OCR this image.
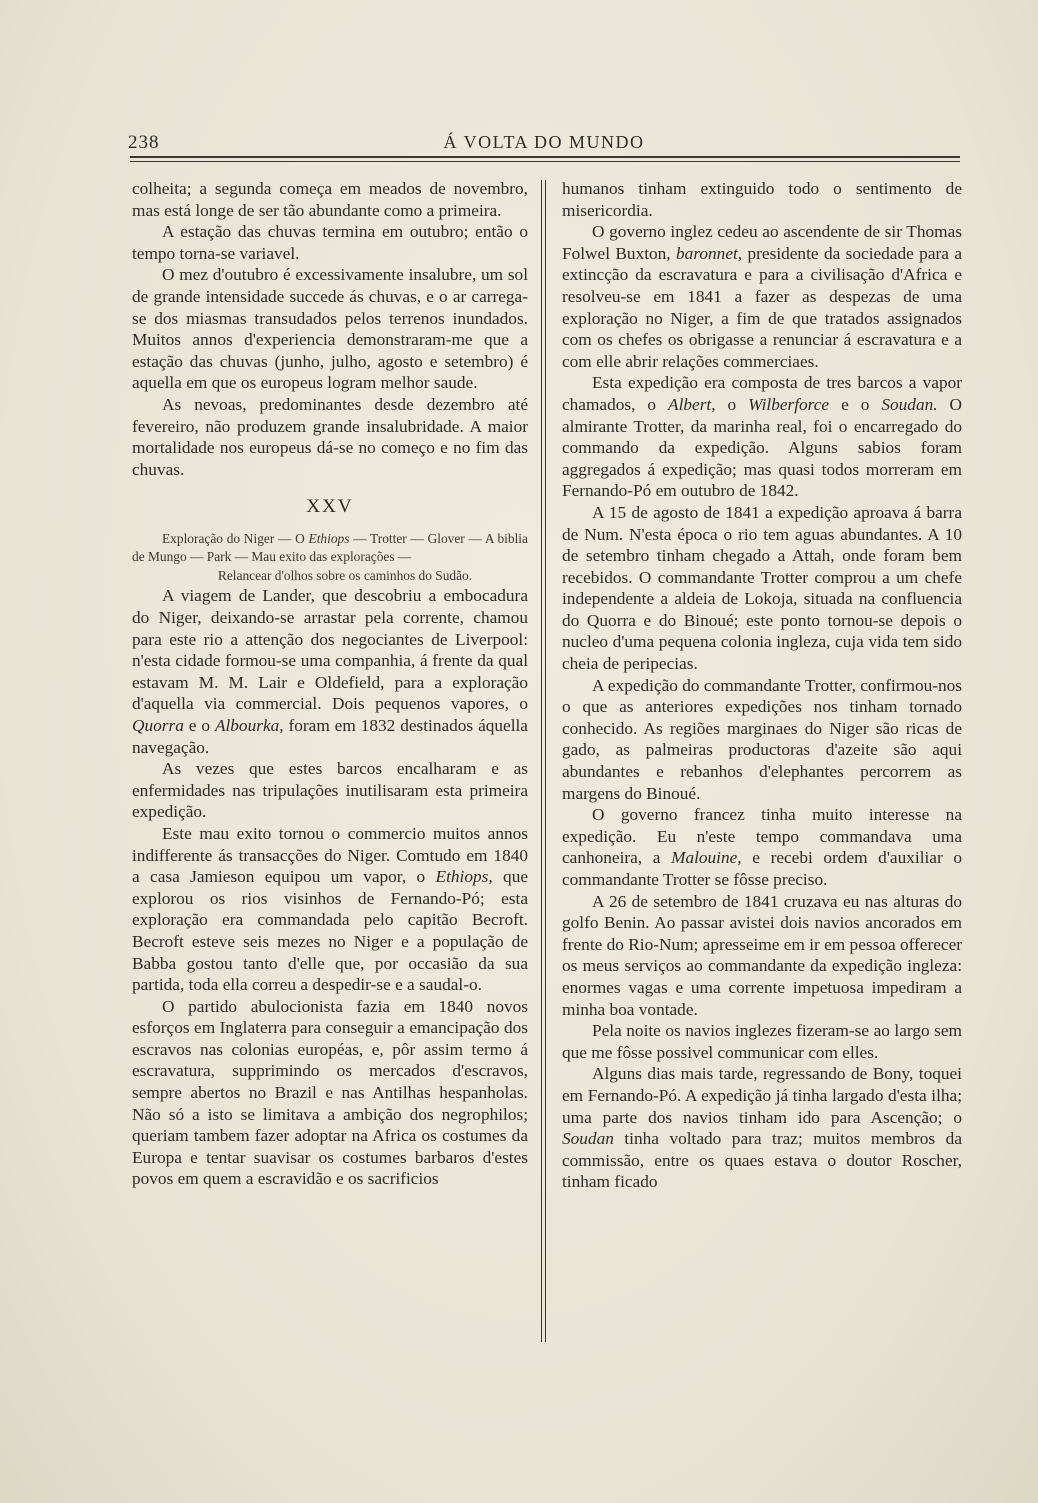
238	Á VOLTA DO MUNDO

colheita; a segunda começa em meados de novembro, mas está longe de ser tão abundante como a primeira.

A estação das chuvas termina em outubro; então o tempo torna-se variavel.

O mez d'outubro é excessivamente insalubre, um sol de grande intensidade succede ás chuvas, e o ar carrega-se dos miasmas transudados pelos terrenos inundados. Muitos annos d'experiencia demonstraram-me que a estação das chuvas (junho, julho, agosto e setembro) é aquella em que os europeus logram melhor saude.

As nevoas, predominantes desde dezembro até fevereiro, não produzem grande insalubridade. A maior mortalidade nos europeus dá-se no começo e no fim das chuvas.

XXV

Exploração do Niger — O Ethiops — Trotter — Glover — A biblia de Mungo — Park — Mau exito das explorações —

Relancear d'olhos sobre os caminhos do Sudão.

A viagem de Lander, que descobriu a embocadura do Niger, deixando-se arrastar pela corrente, chamou para este rio a attenção dos negociantes de Liverpool: n'esta cidade formou-se uma companhia, á frente da qual estavam M. M. Lair e Oldefield, para a exploração d'aquella via commercial. Dois pequenos vapores, o Quorra e o Albourka, foram em 1832 destinados áquella navegação.

As vezes que estes barcos encalharam e as enfermidades nas tripulações inutilisaram esta primeira expedição.

Este mau exito tornou o commercio muitos annos indifferente ás transacções do Niger. Comtudo em 1840 a casa Jamieson equipou um vapor, o Ethiops, que explorou os rios visinhos de Fernando-Pó; esta exploração era commandada pelo capitão Becroft. Becroft esteve seis mezes no Niger e a população de Babba gostou tanto d'elle que, por occasião da sua partida, toda ella correu a despedir-se e a saudal-o.

O partido abulocionista fazia em 1840 novos esforços em Inglaterra para conseguir a emancipação dos escravos nas colonias européas, e, pôr assim termo á escravatura, supprimindo os mercados d'escravos, sempre abertos no Brazil e nas Antilhas hespanholas. Não só a isto se limitava a ambição dos negrophilos; queriam tambem fazer adoptar na Africa os costumes da Europa e tentar suavisar os costumes barbaros d'estes povos em quem a escravidão e os sacrificios

humanos tinham extinguido todo o sentimento de misericordia.

O governo inglez cedeu ao ascendente de sir Thomas Folwel Buxton, baronnet, presidente da sociedade para a extincção da escravatura e para a civilisação d'Africa e resolveu-se em 1841 a fazer as despezas de uma exploração no Niger, a fim de que tratados assignados com os chefes os obrigasse a renunciar á escravatura e a com elle abrir relações commerciaes.

Esta expedição era composta de tres barcos a vapor chamados, o Albert, o Wilberforce e o Soudan. O almirante Trotter, da marinha real, foi o encarregado do commando da expedição. Alguns sabios foram aggregados á expedição; mas quasi todos morreram em Fernando-Pó em outubro de 1842.

A 15 de agosto de 1841 a expedição aproava á barra de Num. N'esta época o rio tem aguas abundantes. A 10 de setembro tinham chegado a Attah, onde foram bem recebidos. O commandante Trotter comprou a um chefe independente a aldeia de Lokoja, situada na confluencia do Quorra e do Binoué; este ponto tornou-se depois o nucleo d'uma pequena colonia ingleza, cuja vida tem sido cheia de peripecias.

A expedição do commandante Trotter, confirmou-nos o que as anteriores expedições nos tinham tornado conhecido. As regiões marginaes do Niger são ricas de gado, as palmeiras productoras d'azeite são aqui abundantes e rebanhos d'elephantes percorrem as margens do Binoué.

O governo francez tinha muito interesse na expedição. Eu n'este tempo commandava uma canhoneira, a Malouine, e recebi ordem d'auxiliar o commandante Trotter se fôsse preciso.

A 26 de setembro de 1841 cruzava eu nas alturas do golfo Benin. Ao passar avistei dois navios ancorados em frente do Rio-Num; apresseime em ir em pessoa offerecer os meus serviços ao commandante da expedição ingleza: enormes vagas e uma corrente impetuosa impediram a minha boa vontade.

Pela noite os navios inglezes fizeram-se ao largo sem que me fôsse possivel communicar com elles.

Alguns dias mais tarde, regressando de Bony, toquei em Fernando-Pó. A expedição já tinha largado d'esta ilha; uma parte dos navios tinham ido para Ascenção; o Soudan tinha voltado para traz; muitos membros da commissão, entre os quaes estava o doutor Roscher, tinham ficado
